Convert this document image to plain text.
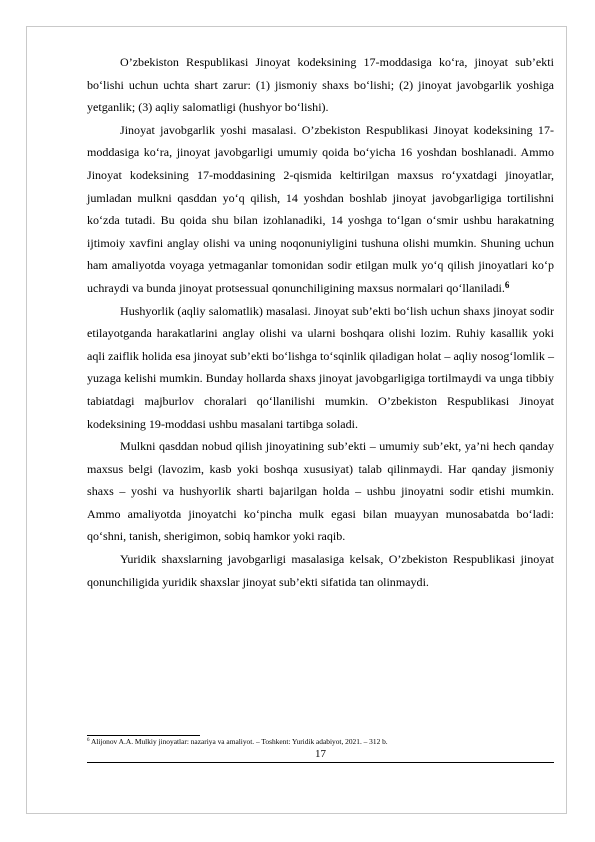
O’zbekiston Respublikasi Jinoyat kodeksining 17-moddasiga ko‘ra, jinoyat sub’ekti bo‘lishi uchun uchta shart zarur: (1) jismoniy shaxs bo‘lishi; (2) jinoyat javobgarlik yoshiga yetganlik; (3) aqliy salomatligi (hushyor bo‘lishi).

Jinoyat javobgarlik yoshi masalasi. O’zbekiston Respublikasi Jinoyat kodeksining 17-moddasiga ko‘ra, jinoyat javobgarligi umumiy qoida bo‘yicha 16 yoshdan boshlanadi. Ammo Jinoyat kodeksining 17-moddasining 2-qismida keltirilgan maxsus ro‘yxatdagi jinoyatlar, jumladan mulkni qasddan yo‘q qilish, 14 yoshdan boshlab jinoyat javobgarligiga tortilishni ko‘zda tutadi. Bu qoida shu bilan izohlanadiki, 14 yoshga to‘lgan o‘smir ushbu harakatning ijtimoiy xavfini anglay olishi va uning noqonuniyligini tushuna olishi mumkin. Shuning uchun ham amaliyotda voyaga yetmaganlar tomonidan sodir etilgan mulk yo‘q qilish jinoyatlari ko‘p uchraydi va bunda jinoyat protsessual qonunchiligining maxsus normalari qo‘llaniladi.$^6$

Hushyorlik (aqliy salomatlik) masalasi. Jinoyat sub’ekti bo‘lish uchun shaxs jinoyat sodir etilayotganda harakatlarini anglay olishi va ularni boshqara olishi lozim. Ruhiy kasallik yoki aqli zaiflik holida esa jinoyat sub’ekti bo‘lishga to‘sqinlik qiladigan holat – aqliy nosog‘lomlik – yuzaga kelishi mumkin. Bunday hollarda shaxs jinoyat javobgarligiga tortilmaydi va unga tibbiy tabiatdagi majburlov choralari qo‘llanilishi mumkin. O’zbekiston Respublikasi Jinoyat kodeksining 19-moddasi ushbu masalani tartibga soladi.

Mulkni qasddan nobud qilish jinoyatining sub’ekti – umumiy sub’ekt, ya’ni hech qanday maxsus belgi (lavozim, kasb yoki boshqa xususiyat) talab qilinmaydi. Har qanday jismoniy shaxs – yoshi va hushyorlik sharti bajarilgan holda – ushbu jinoyatni sodir etishi mumkin. Ammo amaliyotda jinoyatchi ko‘pincha mulk egasi bilan muayyan munosabatda bo‘ladi: qo‘shni, tanish, sherigimon, sobiq hamkor yoki raqib.

Yuridik shaxslarning javobgarligi masalasiga kelsak, O’zbekiston Respublikasi jinoyat qonunchiligida yuridik shaxslar jinoyat sub’ekti sifatida tan olinmaydi.

$^6$ Alijonov A.A. Mulkiy jinoyatlar: nazariya va amaliyot. – Toshkent: Yuridik adabiyot, 2021. – 312 b.
17
